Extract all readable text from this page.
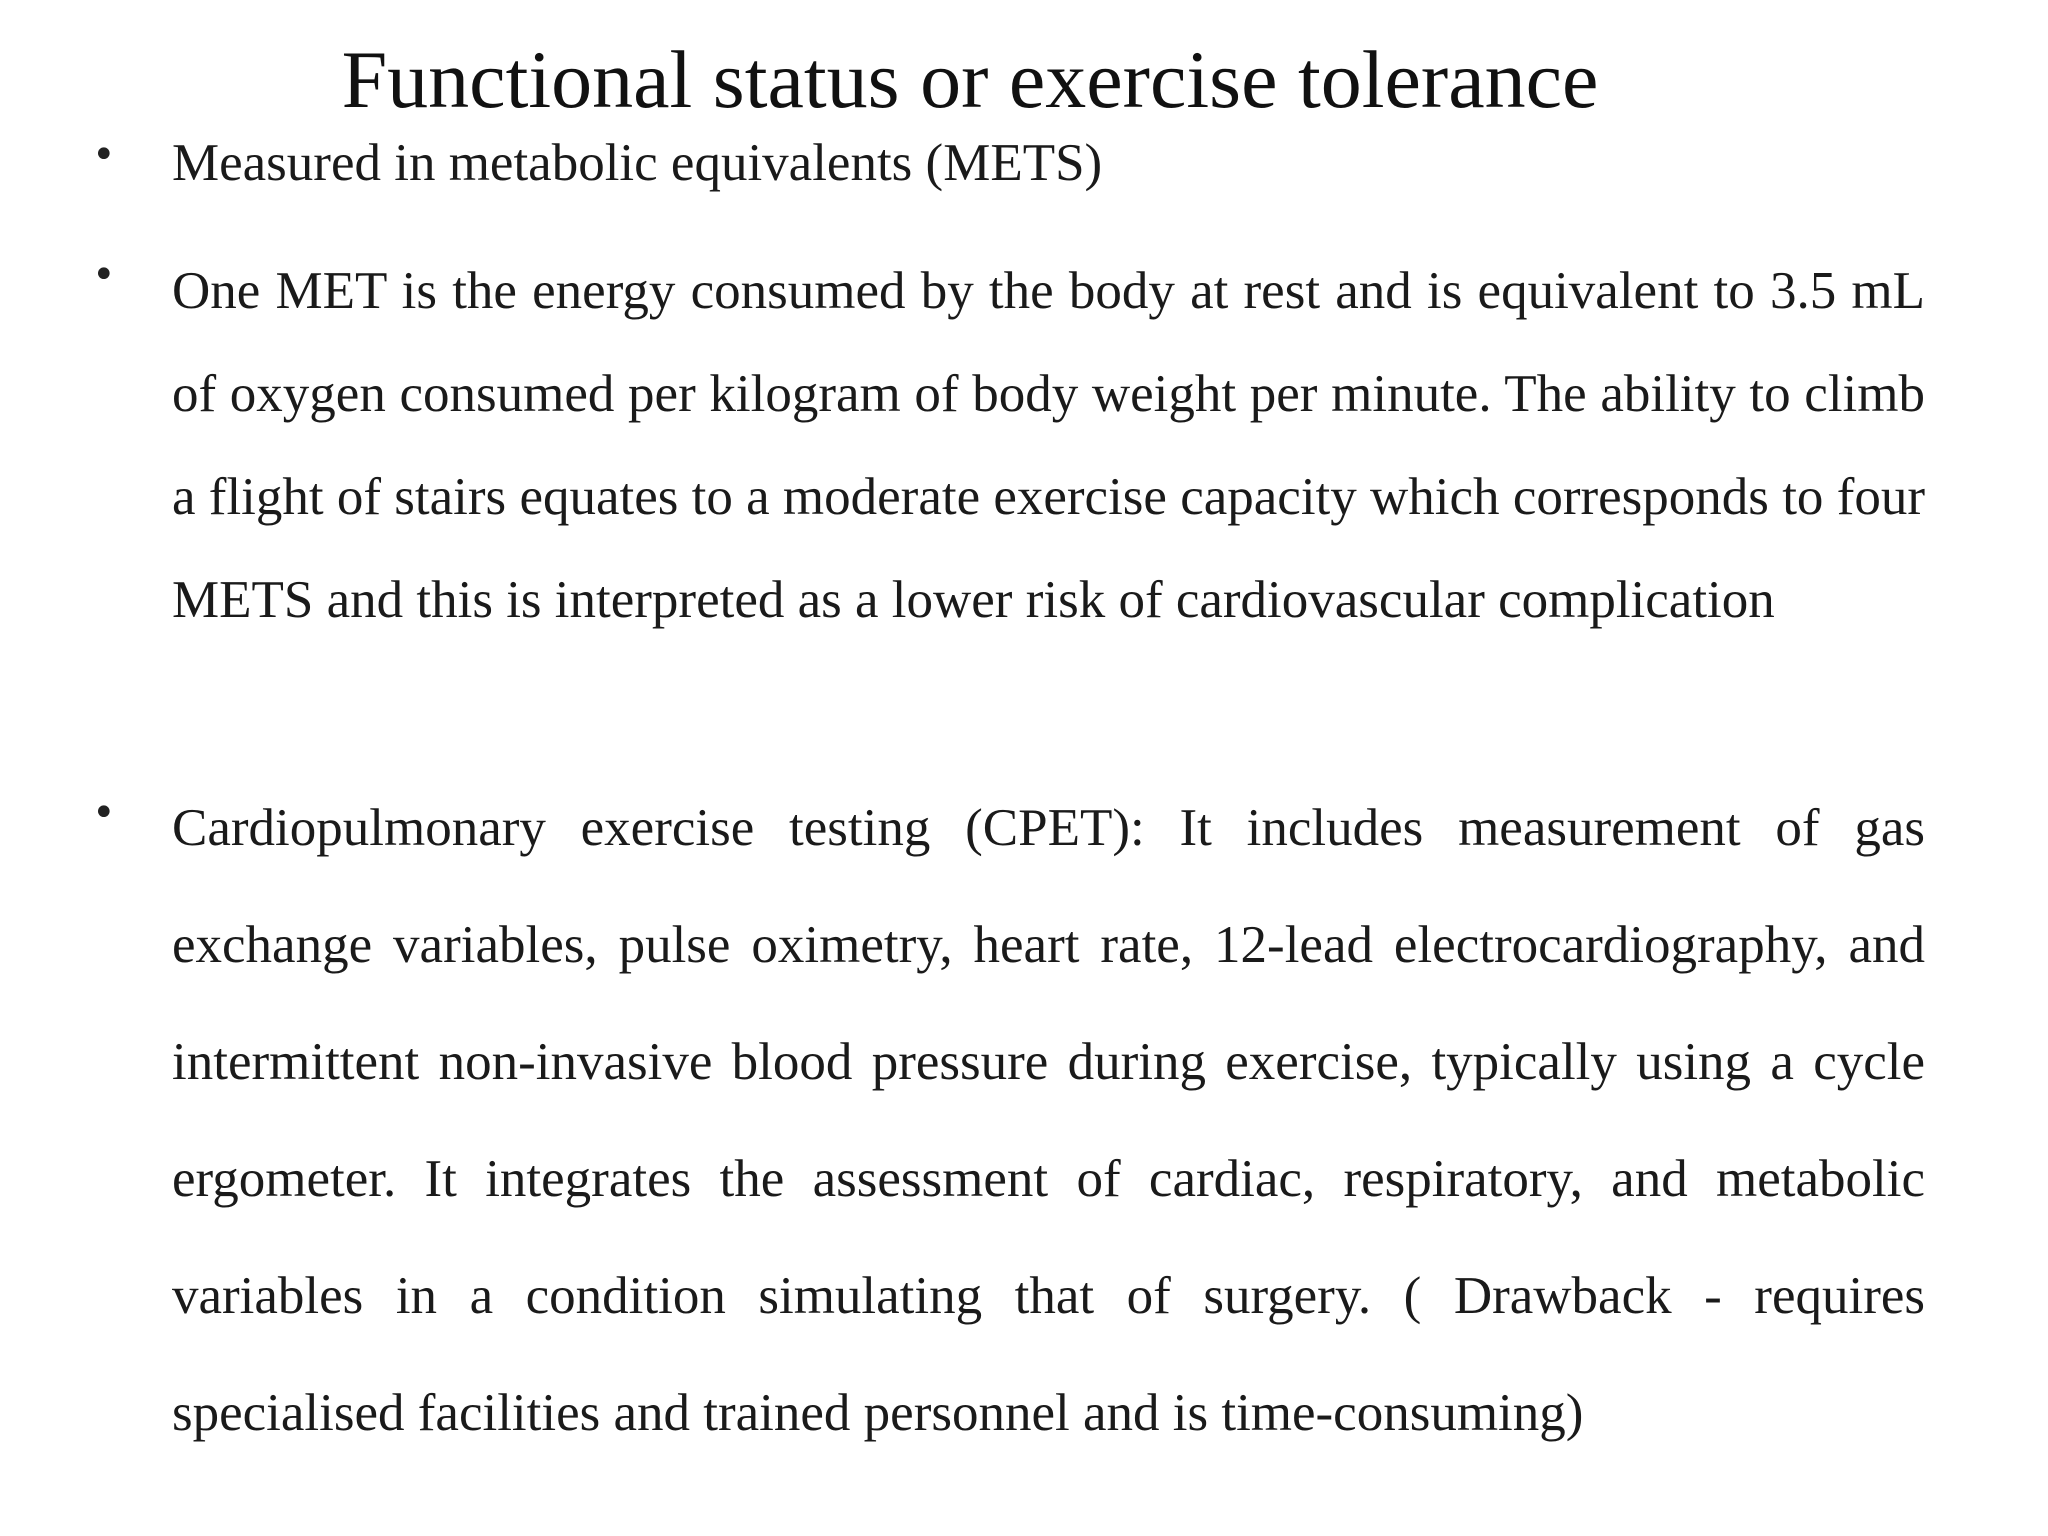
Functional status or exercise tolerance
• Measured in metabolic equivalents (METS)
• One MET is the energy consumed by the body at rest and is equivalent to 3.5 mL of oxygen consumed per kilogram of body weight per minute. The ability to climb a flight of stairs equates to a moderate exercise capacity which corresponds to four METS and this is interpreted as a lower risk of cardiovascular complication
• Cardiopulmonary exercise testing (CPET): It includes measurement of gas exchange variables, pulse oximetry, heart rate, 12-lead electrocardiography, and intermittent non-invasive blood pressure during exercise, typically using a cycle ergometer. It integrates the assessment of cardiac, respiratory, and metabolic variables in a condition simulating that of surgery. ( Drawback - requires specialised facilities and trained personnel and is time-consuming)
